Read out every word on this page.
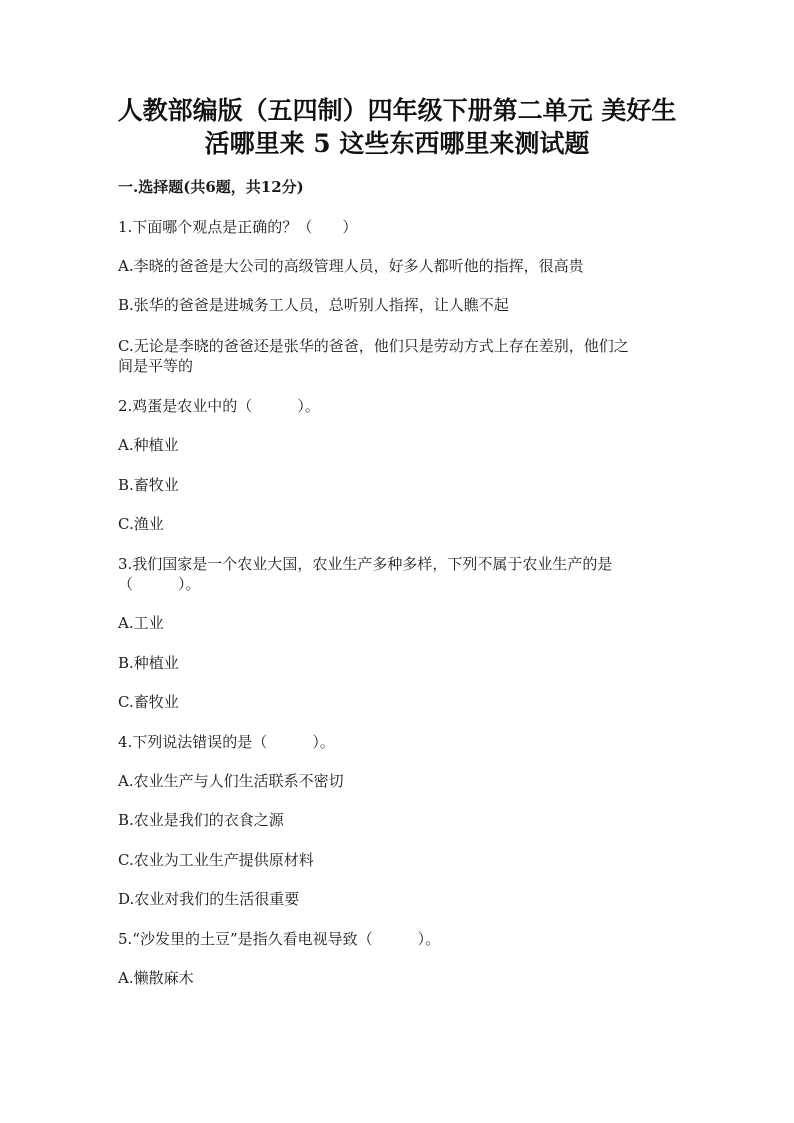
人教部编版（五四制）四年级下册第二单元 美好生
活哪里来 5 这些东西哪里来测试题
一.选择题(共6题，共12分)
1.下面哪个观点是正确的？（　　）
A.李晓的爸爸是大公司的高级管理人员，好多人都听他的指挥，很高贵
B.张华的爸爸是进城务工人员，总听别人指挥，让人瞧不起
C.无论是李晓的爸爸还是张华的爸爸，他们只是劳动方式上存在差别，他们之
间是平等的
2.鸡蛋是农业中的（　　　）。
A.种植业
B.畜牧业
C.渔业
3.我们国家是一个农业大国，农业生产多种多样，下列不属于农业生产的是
（　　　）。
A.工业
B.种植业
C.畜牧业
4.下列说法错误的是（　　　）。
A.农业生产与人们生活联系不密切
B.农业是我们的衣食之源
C.农业为工业生产提供原材料
D.农业对我们的生活很重要
5.“沙发里的土豆”是指久看电视导致（　　　）。
A.懒散麻木
